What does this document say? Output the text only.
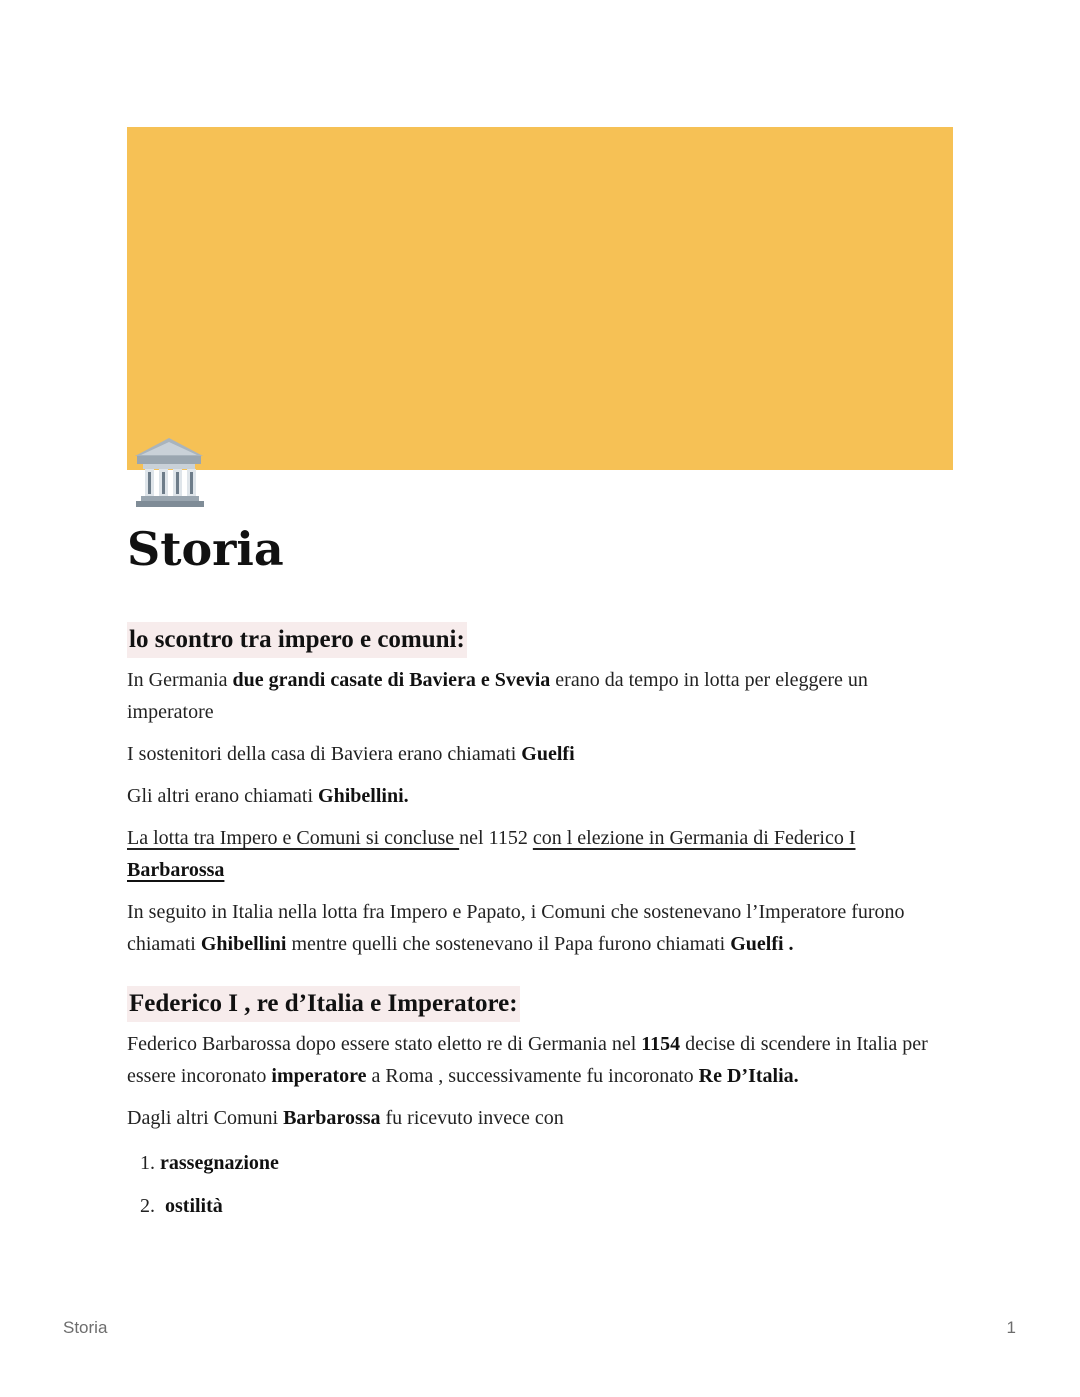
Storia
lo scontro tra impero e comuni:

In Germania due grandi casate di Baviera e Svevia erano da tempo in lotta per eleggere un imperatore

I sostenitori della casa di Baviera erano chiamati Guelfi

Gli altri erano chiamati Ghibellini.

La lotta tra Impero e Comuni si concluse nel 1152 con l elezione in Germania di Federico I Barbarossa

In seguito in Italia nella lotta fra Impero e Papato, i Comuni che sostenevano l’Imperatore furono chiamati Ghibellini mentre quelli che sostenevano il Papa furono chiamati Guelfi .

Federico I , re d’Italia e Imperatore:

Federico Barbarossa dopo essere stato eletto re di Germania nel 1154 decise di scendere in Italia per essere incoronato imperatore a Roma , successivamente fu incoronato Re D’Italia.

Dagli altri Comuni Barbarossa fu ricevuto invece con

1. rassegnazione
2.  ostilità
Storia	1
